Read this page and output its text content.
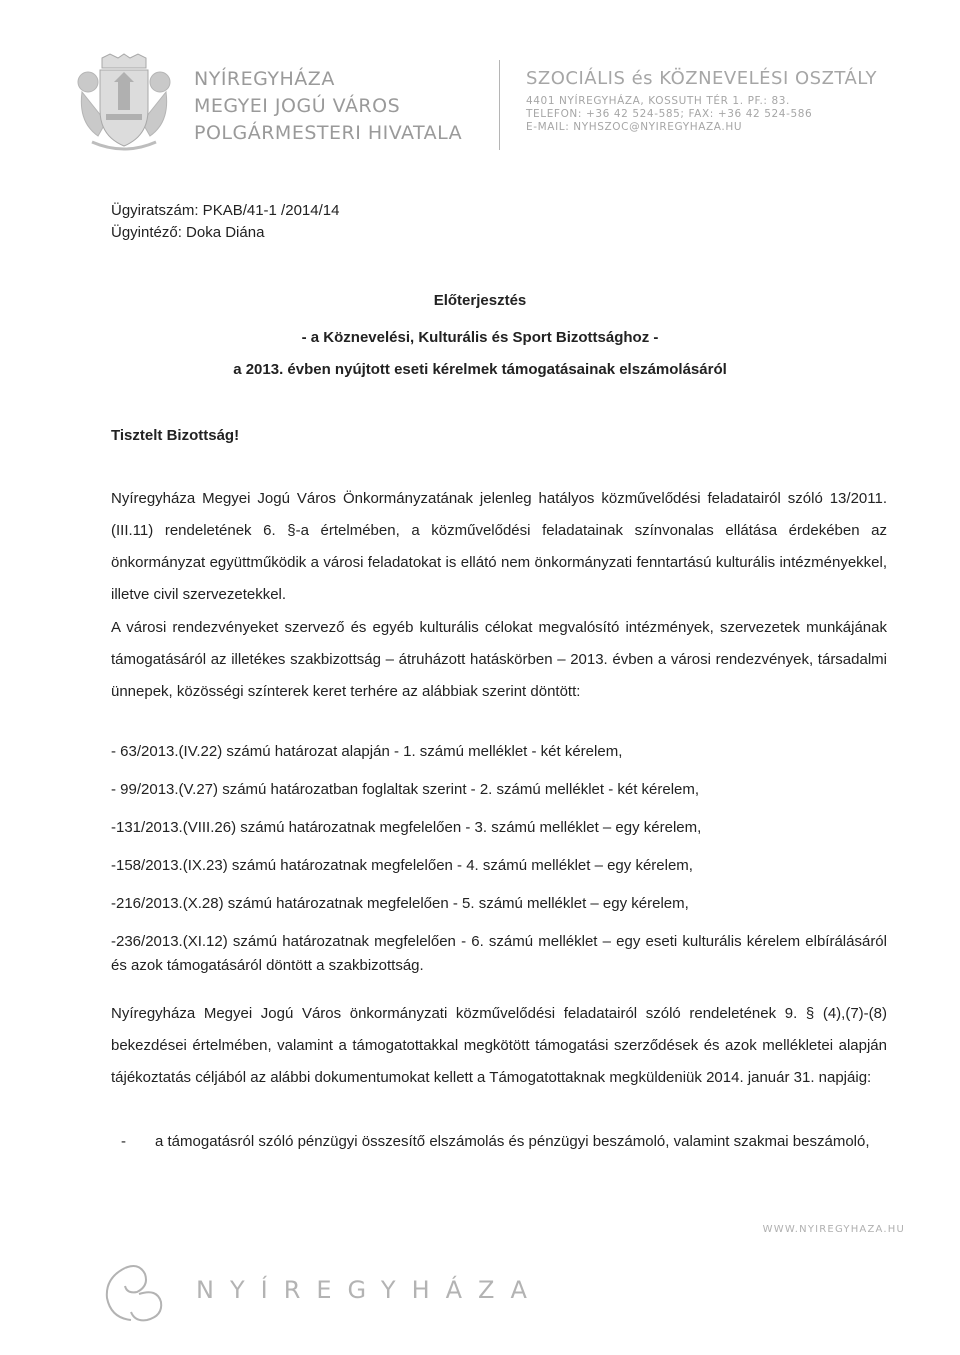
NYÍREGYHÁZA
MEGYEI JOGÚ VÁROS
POLGÁRMESTERI HIVATALA
SZOCIÁLIS és KÖZNEVELÉSI OSZTÁLY
4401 NYÍREGYHÁZA, KOSSUTH TÉR 1. PF.: 83.
TELEFON: +36 42 524-585; FAX: +36 42 524-586
E-MAIL: NYHSZOC@NYIREGYHAZA.HU
Ügyiratszám: PKAB/41-1 /2014/14
Ügyintéző: Doka Diána
Előterjesztés
- a Köznevelési, Kulturális és Sport Bizottsághoz -
a 2013. évben nyújtott eseti kérelmek támogatásainak elszámolásáról
Tisztelt Bizottság!
Nyíregyháza Megyei Jogú Város Önkormányzatának jelenleg hatályos közművelődési feladatairól szóló 13/2011.(III.11) rendeletének 6. §-a értelmében, a közművelődési feladatainak színvonalas ellátása érdekében az önkormányzat együttműködik a városi feladatokat is ellátó nem önkormányzati fenntartású kulturális intézményekkel, illetve civil szervezetekkel.
A városi rendezvényeket szervező és egyéb kulturális célokat megvalósító intézmények, szervezetek munkájának támogatásáról az illetékes szakbizottság – átruházott hatáskörben – 2013. évben a városi rendezvények, társadalmi ünnepek, közösségi színterek keret terhére az alábbiak szerint döntött:
- 63/2013.(IV.22) számú határozat alapján - 1. számú melléklet - két kérelem,
- 99/2013.(V.27) számú határozatban foglaltak szerint - 2. számú melléklet - két kérelem,
-131/2013.(VIII.26) számú határozatnak megfelelően - 3. számú melléklet – egy kérelem,
-158/2013.(IX.23) számú határozatnak megfelelően - 4. számú melléklet – egy kérelem,
-216/2013.(X.28) számú határozatnak megfelelően - 5. számú melléklet – egy kérelem,
-236/2013.(XI.12) számú határozatnak megfelelően - 6. számú melléklet – egy eseti kulturális kérelem elbírálásáról és azok támogatásáról döntött a szakbizottság.
Nyíregyháza Megyei Jogú Város önkormányzati közművelődési feladatairól szóló rendeletének 9. § (4),(7)-(8) bekezdései értelmében, valamint a támogatottakkal megkötött támogatási szerződések és azok mellékletei alapján tájékoztatás céljából az alábbi dokumentumokat kellett a Támogatottaknak megküldeniük 2014. január 31. napjáig:
- a támogatásról szóló pénzügyi összesítő elszámolás és pénzügyi beszámoló, valamint szakmai beszámoló,
WWW.NYIREGYHAZA.HU
NYÍREGYHÁZA
